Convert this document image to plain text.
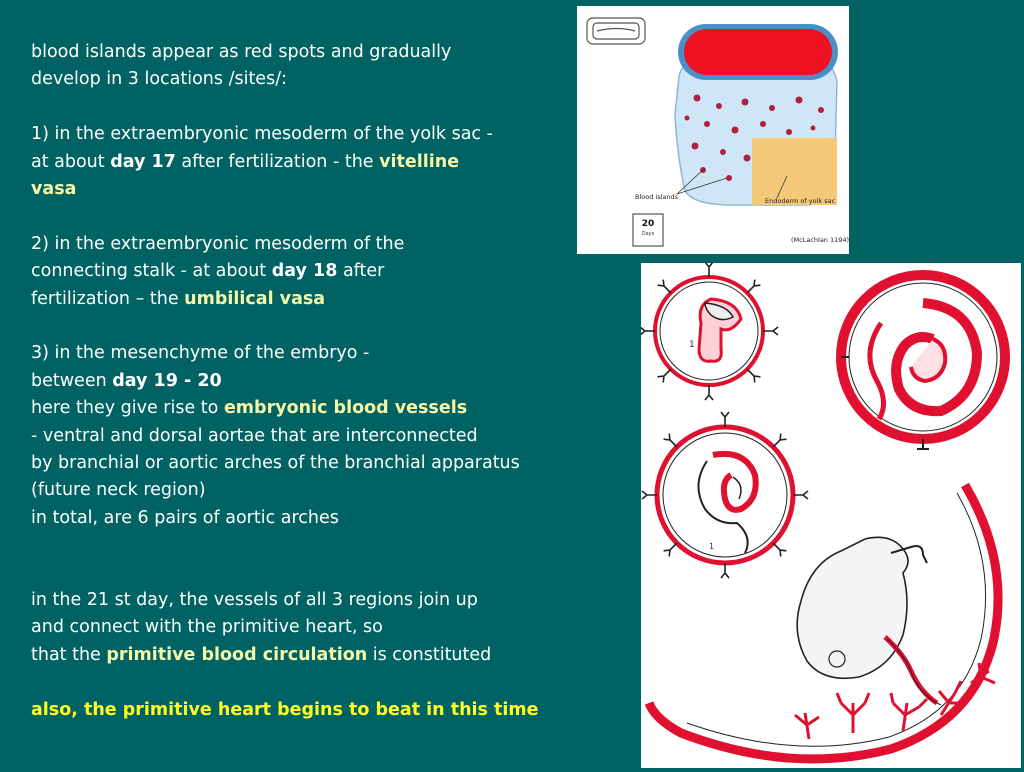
blood islands appear as red spots and gradually

develop in 3 locations /sites/:

1) in the extraembryonic mesoderm of the yolk sac -

at about day 17 after fertilization - the vitelline

vasa

2) in the extraembryonic mesoderm of the

connecting stalk - at about day 18 after

fertilization – the umbilical vasa

3) in the mesenchyme of the embryo -

between day 19 - 20

here they give rise to embryonic blood vessels

- ventral and dorsal aortae that are interconnected

by branchial or aortic arches of the branchial apparatus

(future neck region)

in total, are 6 pairs of aortic arches

in the 21 st day, the vessels of all 3 regions join up

and connect with the primitive heart, so

that the primitive blood circulation is constituted

also, the primitive heart begins to beat in this time

Blood islands	Endoderm of yolk sac
20
Days
(McLachlan 1194)
1
1
